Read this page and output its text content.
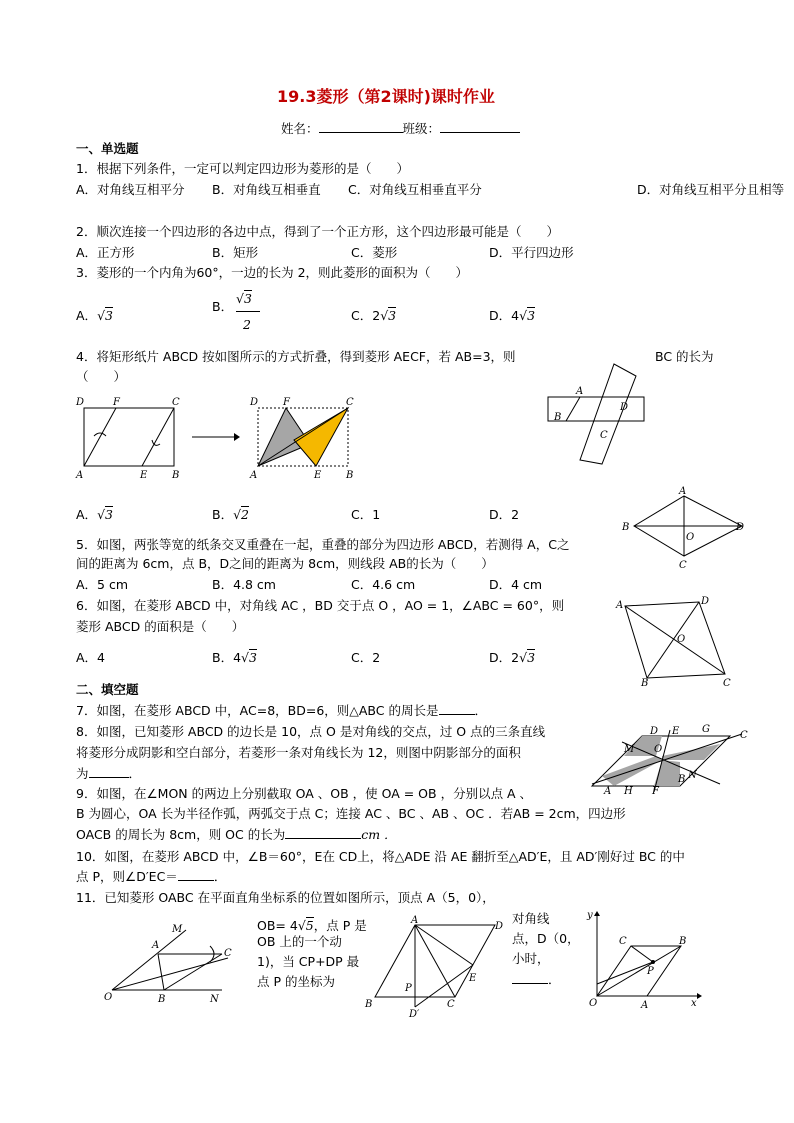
19.3菱形（第2课时)课时作业
姓名：	班级：
一、单选题
1．根据下列条件，一定可以判定四边形为菱形的是（　　）
A．对角线互相平分 B．对角线互相垂直 C．对角线互相垂直平分	D．对角线互相平分且相等
2．顺次连接一个四边形的各边中点，得到了一个正方形，这个四边形最可能是（　　）
A．正方形	B．矩形	C．菱形	D．平行四边形
3．菱形的一个内角为60°，一边的长为 2，则此菱形的面积为（　　）
A．√3
B．
√3
2
C．2√3	D．4√3
4．将矩形纸片 ABCD 按如图所示的方式折叠，得到菱形 AECF，若 AB=3，则	BC 的长为
（　　）
D	F	C
A	E B
D F	C
A	E B
A
B
D
C
A．√3	B．√2	C．1	D．2
A
B	D
C
O
5．如图，两张等宽的纸条交叉重叠在一起，重叠的部分为四边形 ABCD，若测得 A，C之
间的距离为 6cm，点 B，D之间的距离为 8cm，则线段 AB的长为（　　）
A．5 cm	B．4.8 cm	C．4.6 cm	D．4 cm
6．如图，在菱形 ABCD 中，对角线 AC ，BD 交于点 O ，AO = 1，∠ABC = 60°，则
菱形 ABCD 的面积是（　　）
A	D
C
B
O
A．4	B．4√3	C．2	D．2√3
二、填空题
7．如图，在菱形 ABCD 中，AC=8，BD=6，则△ABC 的周长是	．
8．如图，已知菱形 ABCD 的边长是 10，点 O 是对角线的交点，过 O 点的三条直线
将菱形分成阴影和空白部分，若菱形一条对角线长为 12，则图中阴影部分的面积
为	．
D E G
C
M O
N
B
A H F
9．如图，在∠MON 的两边上分别截取 OA 、OB ，使 OA = OB ，分别以点 A 、
B 为圆心，OA 长为半径作弧，两弧交于点 C；连接 AC 、BC 、AB 、OC ．若AB = 2cm，四边形
OACB 的周长为 8cm，则 OC 的长为	cm ．
10．如图，在菱形 ABCD 中，∠B＝60°，E在 CD上，将△ADE 沿 AE 翻折至△AD′E，且 AD′刚好过 BC 的中
点 P，则∠D′EC＝	．
11．已知菱形 OABC 在平面直角坐标系的位置如图所示，顶点 A（5，0），
M
A
C
O	B	N
OB= 4√5，点 P 是
OB 上的一个动
1)，当 CP+DP 最
点 P 的坐标为
对角线
点，D（0，
小时，
．
A
D
B	C
P
E
D′
y
C	B
P
O	A	x
